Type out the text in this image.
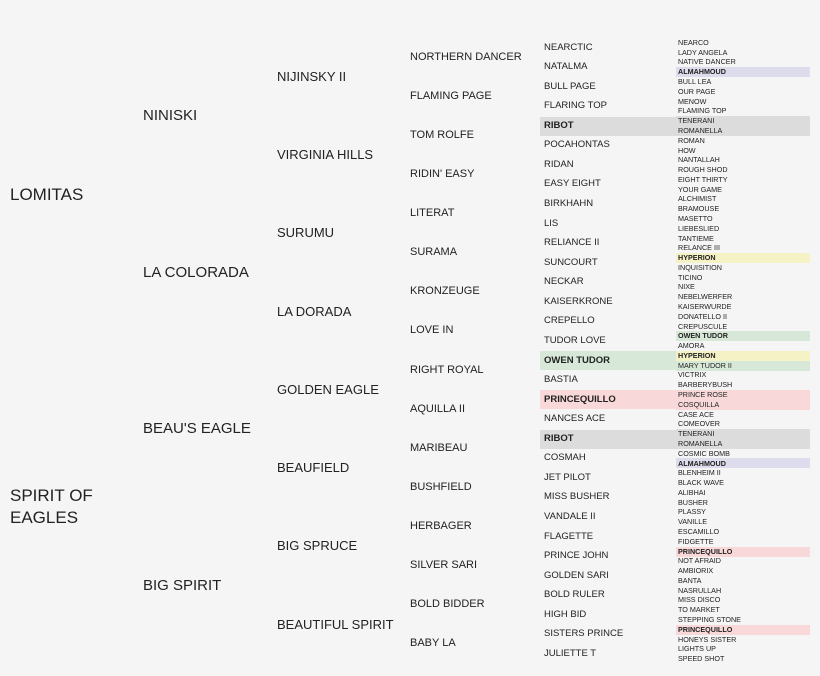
LOMITAS
SPIRIT OF EAGLES
NINISKI
LA COLORADA
BEAU'S EAGLE
BIG SPIRIT
NIJINSKY II
VIRGINIA HILLS
SURUMU
LA DORADA
GOLDEN EAGLE
BEAUFIELD
BIG SPRUCE
BEAUTIFUL SPIRIT
NORTHERN DANCER
FLAMING PAGE
TOM ROLFE
RIDIN' EASY
LITERAT
SURAMA
KRONZEUGE
LOVE IN
RIGHT ROYAL
AQUILLA II
MARIBEAU
BUSHFIELD
HERBAGER
SILVER SARI
BOLD BIDDER
BABY LA
NEARCTIC
NATALMA
BULL PAGE
FLARING TOP
RIBOT
POCAHONTAS
RIDAN
EASY EIGHT
BIRKHAHN
LIS
RELIANCE II
SUNCOURT
NECKAR
KAISERKRONE
CREPELLO
TUDOR LOVE
OWEN TUDOR
BASTIA
PRINCEQUILLO
NANCES ACE
RIBOT
COSMAH
JET PILOT
MISS BUSHER
VANDALE II
FLAGETTE
PRINCE JOHN
GOLDEN SARI
BOLD RULER
HIGH BID
SISTERS PRINCE
JULIETTE T
NEARCO
LADY ANGELA
NATIVE DANCER
ALMAHMOUD
BULL LEA
OUR PAGE
MENOW
FLAMING TOP
TENERANI
ROMANELLA
ROMAN
HOW
NANTALLAH
ROUGH SHOD
EIGHT THIRTY
YOUR GAME
ALCHIMIST
BRAMOUSE
MASETTO
LIEBESLIED
TANTIEME
RELANCE III
HYPERION
INQUISITION
TICINO
NIXE
NEBELWERFER
KAISERWURDE
DONATELLO II
CREPUSCULE
OWEN TUDOR
AMORA
HYPERION
MARY TUDOR II
VICTRIX
BARBERYBUSH
PRINCE ROSE
COSQUILLA
CASE ACE
COMEOVER
TENERANI
ROMANELLA
COSMIC BOMB
ALMAHMOUD
BLENHEIM II
BLACK WAVE
ALIBHAI
BUSHER
PLASSY
VANILLE
ESCAMILLO
FIDGETTE
PRINCEQUILLO
NOT AFRAID
AMBIORIX
BANTA
NASRULLAH
MISS DISCO
TO MARKET
STEPPING STONE
PRINCEQUILLO
HONEYS SISTER
LIGHTS UP
SPEED SHOT
